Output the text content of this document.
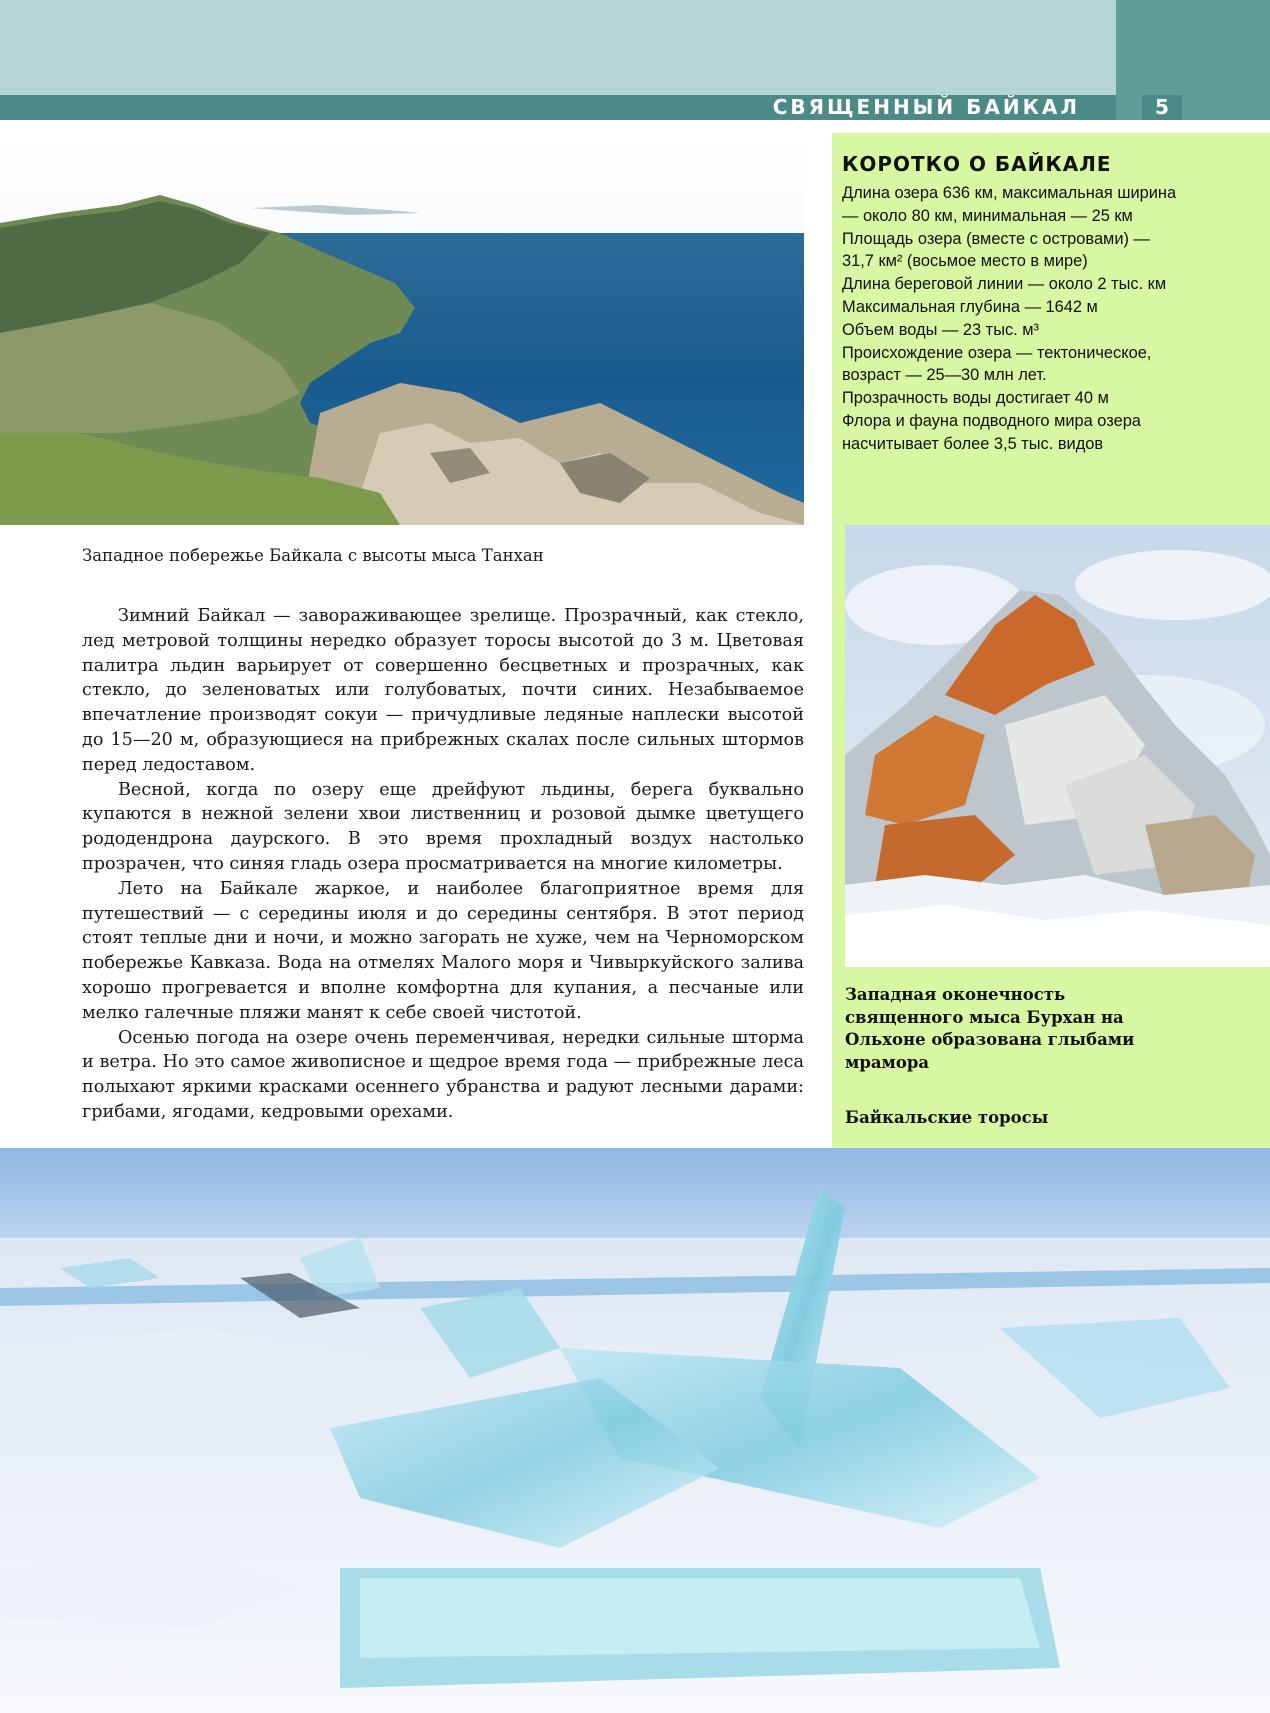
СВЯЩЕННЫЙ БАЙКАЛ	5
Западное побережье Байкала с высоты мыса Танхан
КОРОТКО О БАЙКАЛЕ
Длина озера 636 км, максимальная ширина — около 80 км, минимальная — 25 км
Площадь озера (вместе с островами) — 31,7 км² (восьмое место в мире)
Длина береговой линии — около 2 тыс. км
Максимальная глубина — 1642 м
Объем воды — 23 тыс. м³
Происхождение озера — тектоническое, возраст — 25—30 млн лет.
Прозрачность воды достигает 40 м
Флора и фауна подводного мира озера насчитывает более 3,5 тыс. видов
Западная оконечность священного мыса Бурхан на Ольхоне образована глыбами мрамора
Байкальские торосы

Зимний Байкал — завораживающее зрелище. Прозрачный, как стекло, лед метровой толщины нередко образует торосы высотой до 3 м. Цветовая палитра льдин варьирует от совершенно бесцветных и прозрачных, как стекло, до зеленоватых или голубоватых, почти синих. Незабываемое впечатление производят сокуи — причудливые ледяные наплески высотой до 15—20 м, образующиеся на прибрежных скалах после сильных штормов перед ледоставом.

Весной, когда по озеру еще дрейфуют льдины, берега буквально купаются в нежной зелени хвои лиственниц и розовой дымке цветущего рододендрона даурского. В это время прохладный воздух настолько прозрачен, что синяя гладь озера просматривается на многие километры.

Лето на Байкале жаркое, и наиболее благоприятное время для путешествий — с середины июля и до середины сентября. В этот период стоят теплые дни и ночи, и можно загорать не хуже, чем на Черноморском побережье Кавказа. Вода на отмелях Малого моря и Чивыркуйского залива хорошо прогревается и вполне комфортна для купания, а песчаные или мелко галечные пляжи манят к себе своей чистотой.

Осенью погода на озере очень переменчивая, нередки сильные шторма и ветра. Но это самое живописное и щедрое время года — прибрежные леса полыхают яркими красками осеннего убранства и радуют лесными дарами: грибами, ягодами, кедровыми орехами.
